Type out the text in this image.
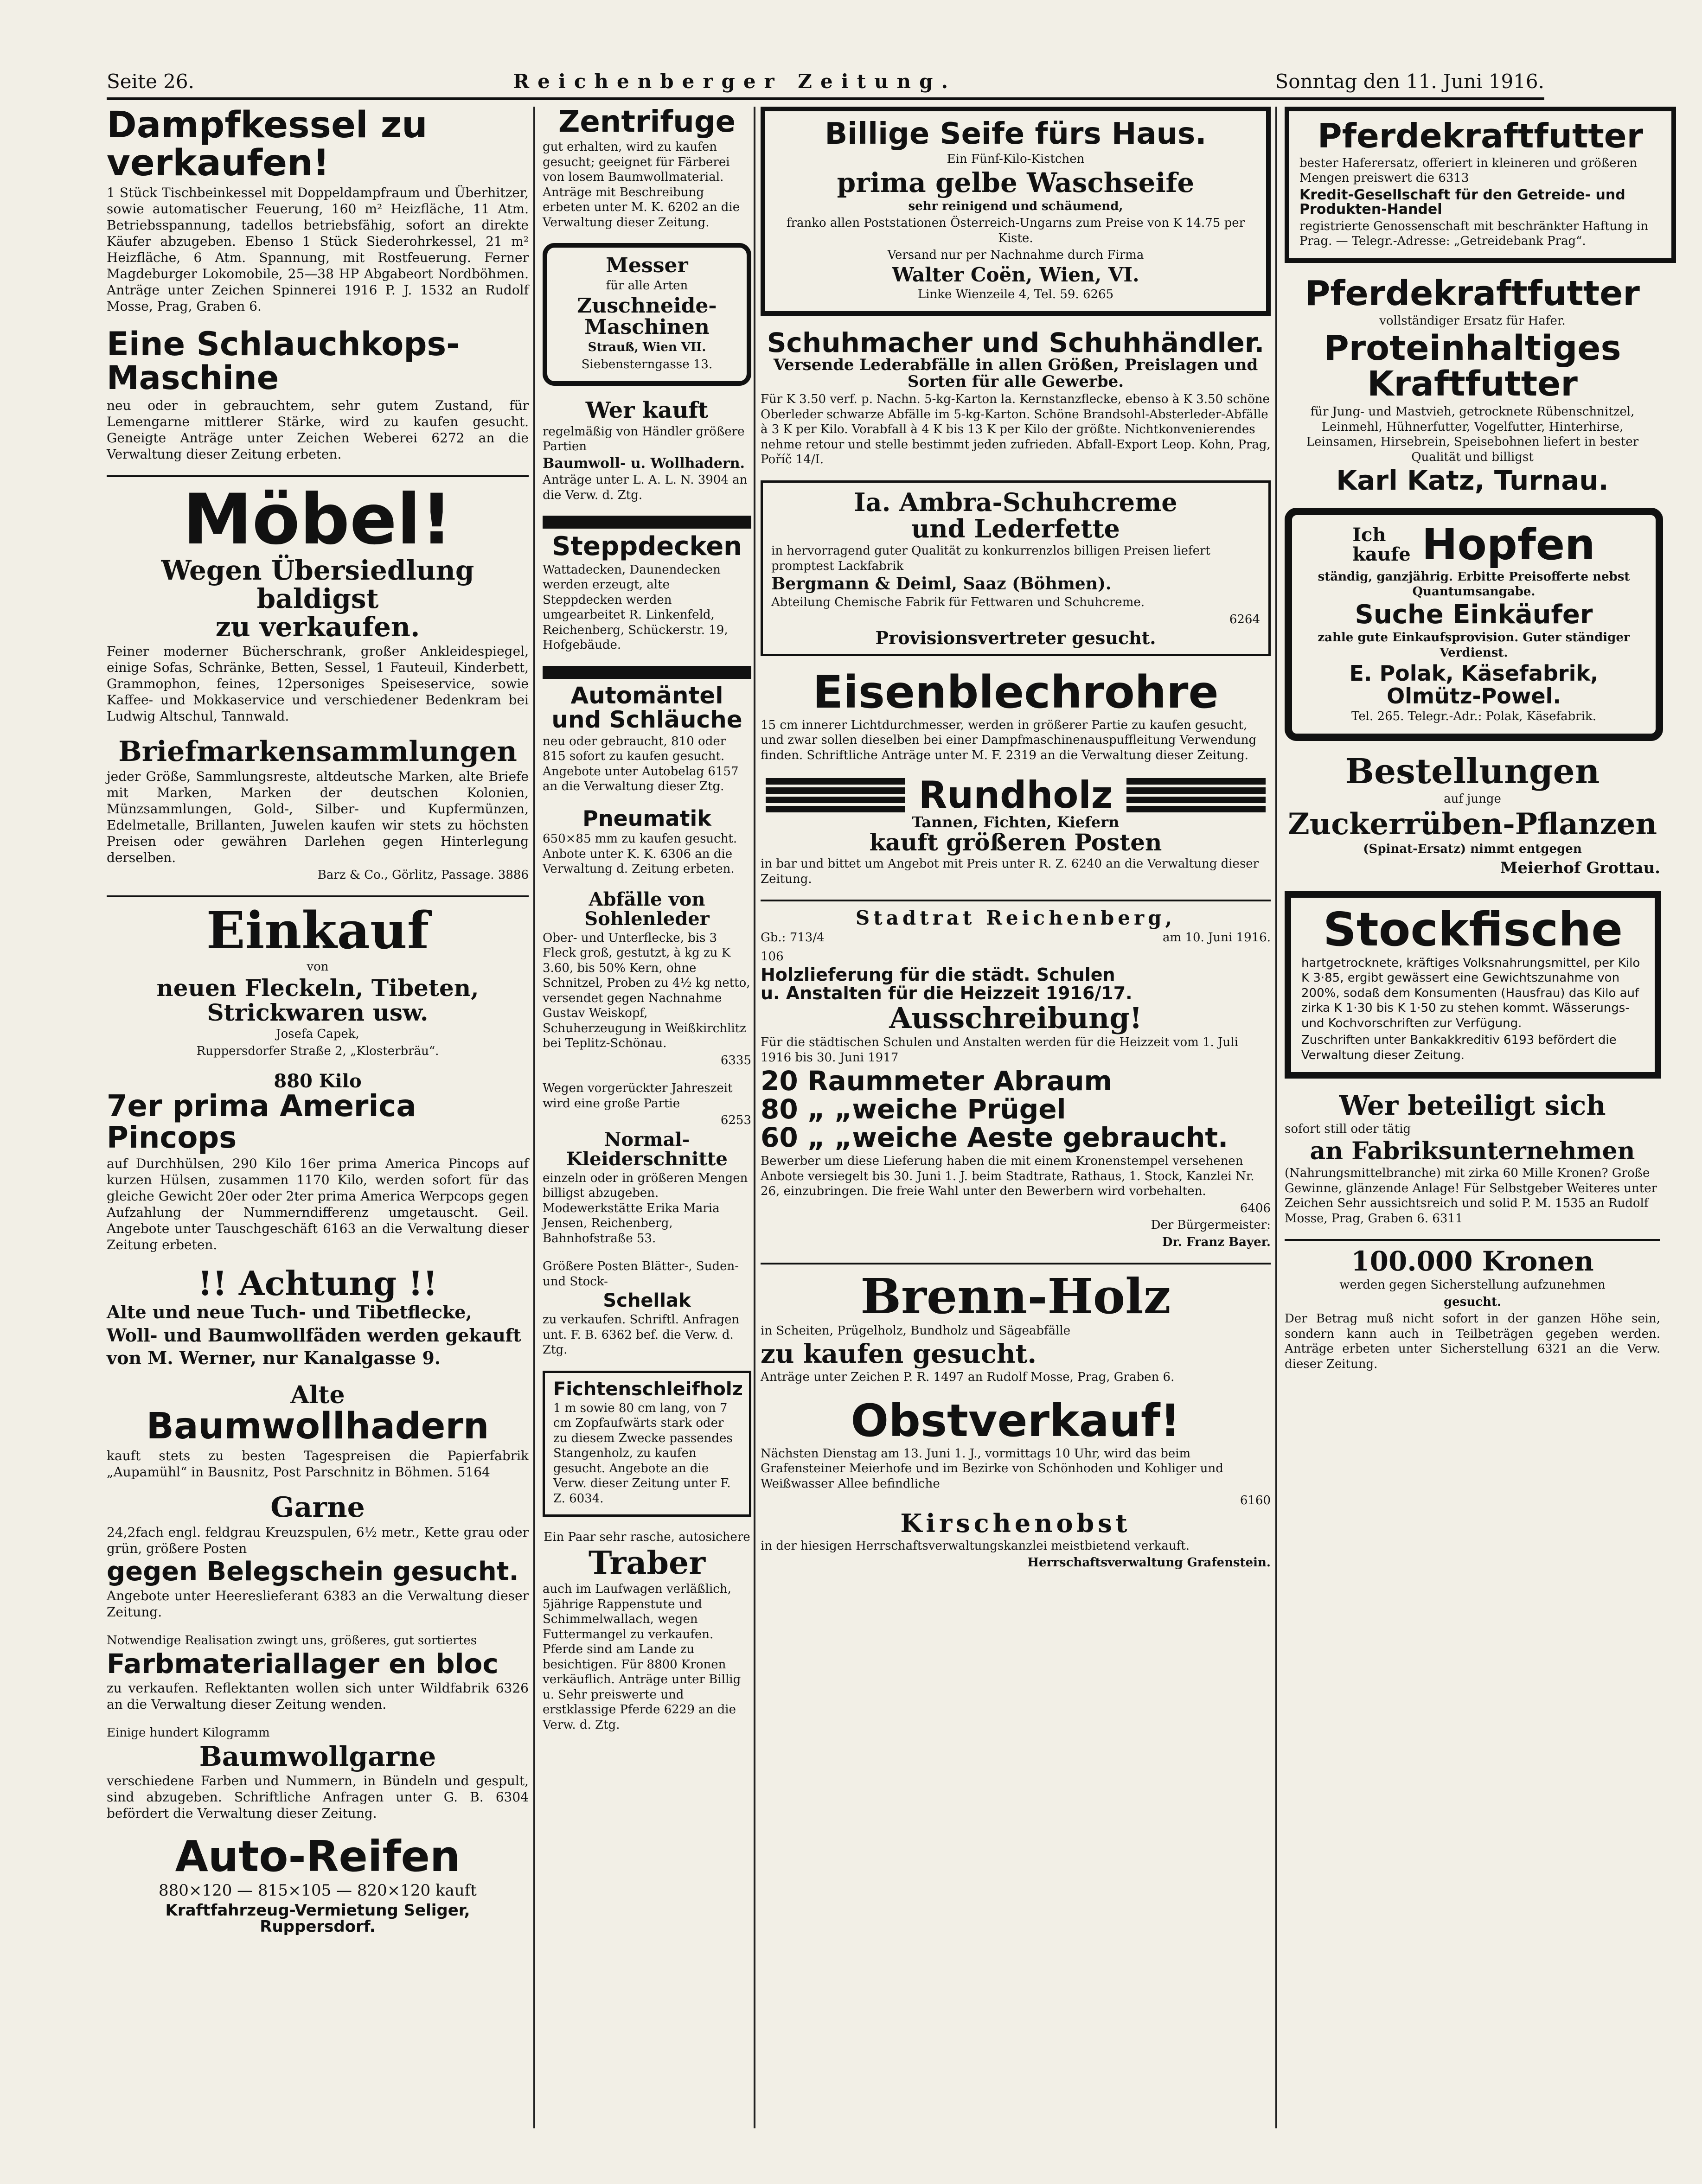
Seite 26.	Reichenberger Zeitung.	Sonntag den 11. Juni 1916.

Dampfkessel zu verkaufen!

1 Stück Tischbeinkessel mit Doppeldampfraum und Überhitzer, sowie automatischer Feuerung, 160 m² Heizfläche, 11 Atm. Betriebsspannung, tadellos betriebsfähig, sofort an direkte Käufer abzugeben. Ebenso 1 Stück Siederohrkessel, 21 m² Heizfläche, 6 Atm. Spannung, mit Rostfeuerung. Ferner Magdeburger Lokomobile, 25—38 HP Abgabeort Nordböhmen. Anträge unter Zeichen Spinnerei 1916 P. J. 1532 an Rudolf Mosse, Prag, Graben 6.

Eine Schlauchkops-Maschine

neu oder in gebrauchtem, sehr gutem Zustand, für Lemengarne mittlerer Stärke, wird zu kaufen gesucht. Geneigte Anträge unter Zeichen Weberei 6272 an die Verwaltung dieser Zeitung erbeten.

Möbel!

Wegen Übersiedlung baldigst

zu verkaufen.

Feiner moderner Bücherschrank, großer Ankleidespiegel, einige Sofas, Schränke, Betten, Sessel, 1 Fauteuil, Kinderbett, Grammophon, feines, 12personiges Speiseservice, sowie Kaffee- und Mokkaservice und verschiedener Bedenkram bei Ludwig Altschul, Tannwald.

Briefmarkensammlungen

jeder Größe, Sammlungsreste, altdeutsche Marken, alte Briefe mit Marken, Marken der deutschen Kolonien, Münzsammlungen, Gold-, Silber- und Kupfermünzen, Edelmetalle, Brillanten, Juwelen kaufen wir stets zu höchsten Preisen oder gewähren Darlehen gegen Hinterlegung derselben.

Barz & Co., Görlitz, Passage. 3886

Einkauf

von

neuen Fleckeln, Tibeten,

Strickwaren usw.

Josefa Capek,

Ruppersdorfer Straße 2, „Klosterbräu“.

880 Kilo

7er prima America Pincops

auf Durchhülsen, 290 Kilo 16er prima America Pincops auf kurzen Hülsen, zusammen 1170 Kilo, werden sofort für das gleiche Gewicht 20er oder 2ter prima America Werpcops gegen Aufzahlung der Nummerndifferenz umgetauscht. Geil. Angebote unter Tauschgeschäft 6163 an die Verwaltung dieser Zeitung erbeten.

!! Achtung !!

Alte und neue Tuch- und Tibetflecke, Woll- und Baumwollfäden werden gekauft von M. Werner, nur Kanalgasse 9.

Alte

Baumwollhadern

kauft stets zu besten Tagespreisen die Papierfabrik „Aupamühl“ in Bausnitz, Post Parschnitz in Böhmen. 5164

Garne

24,2fach engl. feldgrau Kreuzspulen, 6½ metr., Kette grau oder grün, größere Posten

gegen Belegschein gesucht.

Angebote unter Heereslieferant 6383 an die Verwaltung dieser Zeitung.

Notwendige Realisation zwingt uns, größeres, gut sortiertes

Farbmateriallager en bloc

zu verkaufen. Reflektanten wollen sich unter Wildfabrik 6326 an die Verwaltung dieser Zeitung wenden.

Einige hundert Kilogramm

Baumwollgarne

verschiedene Farben und Nummern, in Bündeln und gespult, sind abzugeben. Schriftliche Anfragen unter G. B. 6304 befördert die Verwaltung dieser Zeitung.

Auto-Reifen

880×120 — 815×105 — 820×120 kauft

Kraftfahrzeug-Vermietung Seliger, Ruppersdorf.

Zentrifuge

gut erhalten, wird zu kaufen gesucht; geeignet für Färberei von losem Baumwollmaterial. Anträge mit Beschreibung erbeten unter M. K. 6202 an die Verwaltung dieser Zeitung.

Messer

für alle Arten

Zuschneide-

Maschinen

Strauß, Wien VII.

Siebensterngasse 13.

Wer kauft

regelmäßig von Händler größere Partien

Baumwoll- u. Wollhadern.

Anträge unter L. A. L. N. 3904 an die Verw. d. Ztg.

Steppdecken

Wattadecken, Daunendecken werden erzeugt, alte Steppdecken werden umgearbeitet R. Linkenfeld, Reichenberg, Schückerstr. 19, Hofgebäude.

Automäntel

und Schläuche

neu oder gebraucht, 810 oder 815 sofort zu kaufen gesucht. Angebote unter Autobelag 6157 an die Verwaltung dieser Ztg.

Pneumatik

650×85 mm zu kaufen gesucht. Anbote unter K. K. 6306 an die Verwaltung d. Zeitung erbeten.

Abfälle von

Sohlenleder

Ober- und Unterflecke, bis 3 Fleck groß, gestutzt, à kg zu K 3.60, bis 50% Kern, ohne Schnitzel, Proben zu 4½ kg netto, versendet gegen Nachnahme Gustav Weiskopf, Schuherzeugung in Weißkirchlitz bei Teplitz-Schönau.

6335

Wegen vorgerückter Jahreszeit wird eine große Partie

6253

Normal-

Kleiderschnitte

einzeln oder in größeren Mengen billigst abzugeben. Modewerkstätte Erika Maria Jensen, Reichenberg, Bahnhofstraße 53.

Größere Posten Blätter-, Suden- und Stock-

Schellak

zu verkaufen. Schriftl. Anfragen unt. F. B. 6362 bef. die Verw. d. Ztg.

Fichtenschleifholz

1 m sowie 80 cm lang, von 7 cm Zopfaufwärts stark oder zu diesem Zwecke passendes Stangenholz, zu kaufen gesucht. Angebote an die Verw. dieser Zeitung unter F. Z. 6034.

Ein Paar sehr rasche, autosichere

Traber

auch im Laufwagen verläßlich, 5jährige Rappenstute und Schimmelwallach, wegen Futtermangel zu verkaufen. Pferde sind am Lande zu besichtigen. Für 8800 Kronen verkäuflich. Anträge unter Billig u. Sehr preiswerte und erstklassige Pferde 6229 an die Verw. d. Ztg.

Billige Seife fürs Haus.

Ein Fünf-Kilo-Kistchen

prima gelbe Waschseife

sehr reinigend und schäumend,

franko allen Poststationen Österreich-Ungarns zum Preise von K 14.75 per Kiste.

Versand nur per Nachnahme durch Firma

Walter Coën, Wien, VI.

Linke Wienzeile 4, Tel. 59. 6265

Schuhmacher und Schuhhändler.

Versende Lederabfälle in allen Größen, Preislagen und Sorten für alle Gewerbe.

Für K 3.50 verf. p. Nachn. 5-kg-Karton la. Kernstanzflecke, ebenso à K 3.50 schöne Oberleder schwarze Abfälle im 5-kg-Karton. Schöne Brandsohl-Absterleder-Abfälle à 3 K per Kilo. Vorabfall à 4 K bis 13 K per Kilo der größte. Nichtkonvenierendes nehme retour und stelle bestimmt jeden zufrieden. Abfall-Export Leop. Kohn, Prag, Poříč 14/I.

Ia. Ambra-Schuhcreme

und Lederfette

in hervorragend guter Qualität zu konkurrenzlos billigen Preisen liefert promptest Lackfabrik

Bergmann & Deiml, Saaz (Böhmen).

Abteilung Chemische Fabrik für Fettwaren und Schuhcreme.

6264

Provisionsvertreter gesucht.

Eisenblechrohre

15 cm innerer Lichtdurchmesser, werden in größerer Partie zu kaufen gesucht, und zwar sollen dieselben bei einer Dampfmaschinenauspuffleitung Verwendung finden. Schriftliche Anträge unter M. F. 2319 an die Verwaltung dieser Zeitung.

Rundholz

Tannen, Fichten, Kiefern

kauft größeren Posten

in bar und bittet um Angebot mit Preis unter R. Z. 6240 an die Verwaltung dieser Zeitung.

Stadtrat Reichenberg,

Gb.: 713/4	am 10. Juni 1916.

106

Holzlieferung für die städt. Schulen

u. Anstalten für die Heizzeit 1916/17.

Ausschreibung!

Für die städtischen Schulen und Anstalten werden für die Heizzeit vom 1. Juli 1916 bis 30. Juni 1917

20 Raummeter Abraum

80 „ „weiche Prügel

60 „ „weiche Aeste gebraucht.

Bewerber um diese Lieferung haben die mit einem Kronenstempel versehenen Anbote versiegelt bis 30. Juni 1. J. beim Stadtrate, Rathaus, 1. Stock, Kanzlei Nr. 26, einzubringen. Die freie Wahl unter den Bewerbern wird vorbehalten.

6406

Der Bürgermeister:

Dr. Franz Bayer.

Brenn-Holz

in Scheiten, Prügelholz, Bundholz und Sägeabfälle

zu kaufen gesucht.

Anträge unter Zeichen P. R. 1497 an Rudolf Mosse, Prag, Graben 6.

Obstverkauf!

Nächsten Dienstag am 13. Juni 1. J., vormittags 10 Uhr, wird das beim Grafensteiner Meierhofe und im Bezirke von Schönhoden und Kohliger und Weißwasser Allee befindliche

6160

Kirschenobst

in der hiesigen Herrschaftsverwaltungskanzlei meistbietend verkauft.

Herrschaftsverwaltung Grafenstein.

Pferdekraftfutter

bester Haferersatz, offeriert in kleineren und größeren Mengen preiswert die 6313

Kredit-Gesellschaft für den Getreide- und Produkten-Handel

registrierte Genossenschaft mit beschränkter Haftung in Prag. — Telegr.-Adresse: „Getreidebank Prag“.

Pferdekraftfutter

vollständiger Ersatz für Hafer.

Proteinhaltiges

Kraftfutter

für Jung- und Mastvieh, getrocknete Rübenschnitzel, Leinmehl, Hühnerfutter, Vogelfutter, Hinterhirse, Leinsamen, Hirsebrein, Speisebohnen liefert in bester Qualität und billigst

Karl Katz, Turnau.

Ich

kaufe Hopfen

ständig, ganzjährig. Erbitte Preisofferte nebst Quantumsangabe.

Suche Einkäufer

zahle gute Einkaufsprovision. Guter ständiger Verdienst.

E. Polak, Käsefabrik, Olmütz-Powel.

Tel. 265. Telegr.-Adr.: Polak, Käsefabrik.

Bestellungen

auf junge

Zuckerrüben-Pflanzen

(Spinat-Ersatz) nimmt entgegen

Meierhof Grottau.

Stockfische

hartgetrocknete, kräftiges Volksnahrungsmittel, per Kilo K 3·85, ergibt gewässert eine Gewichtszunahme von 200%, sodaß dem Konsumenten (Hausfrau) das Kilo auf zirka K 1·30 bis K 1·50 zu stehen kommt. Wässerungs- und Kochvorschriften zur Verfügung.

Zuschriften unter Bankakkreditiv 6193 befördert die Verwaltung dieser Zeitung.

Wer beteiligt sich

sofort still oder tätig

an Fabriksunternehmen

(Nahrungsmittelbranche) mit zirka 60 Mille Kronen? Große Gewinne, glänzende Anlage! Für Selbstgeber Weiteres unter Zeichen Sehr aussichtsreich und solid P. M. 1535 an Rudolf Mosse, Prag, Graben 6. 6311

100.000 Kronen

werden gegen Sicherstellung aufzunehmen

gesucht.

Der Betrag muß nicht sofort in der ganzen Höhe sein, sondern kann auch in Teilbeträgen gegeben werden. Anträge erbeten unter Sicherstellung 6321 an die Verw. dieser Zeitung.
